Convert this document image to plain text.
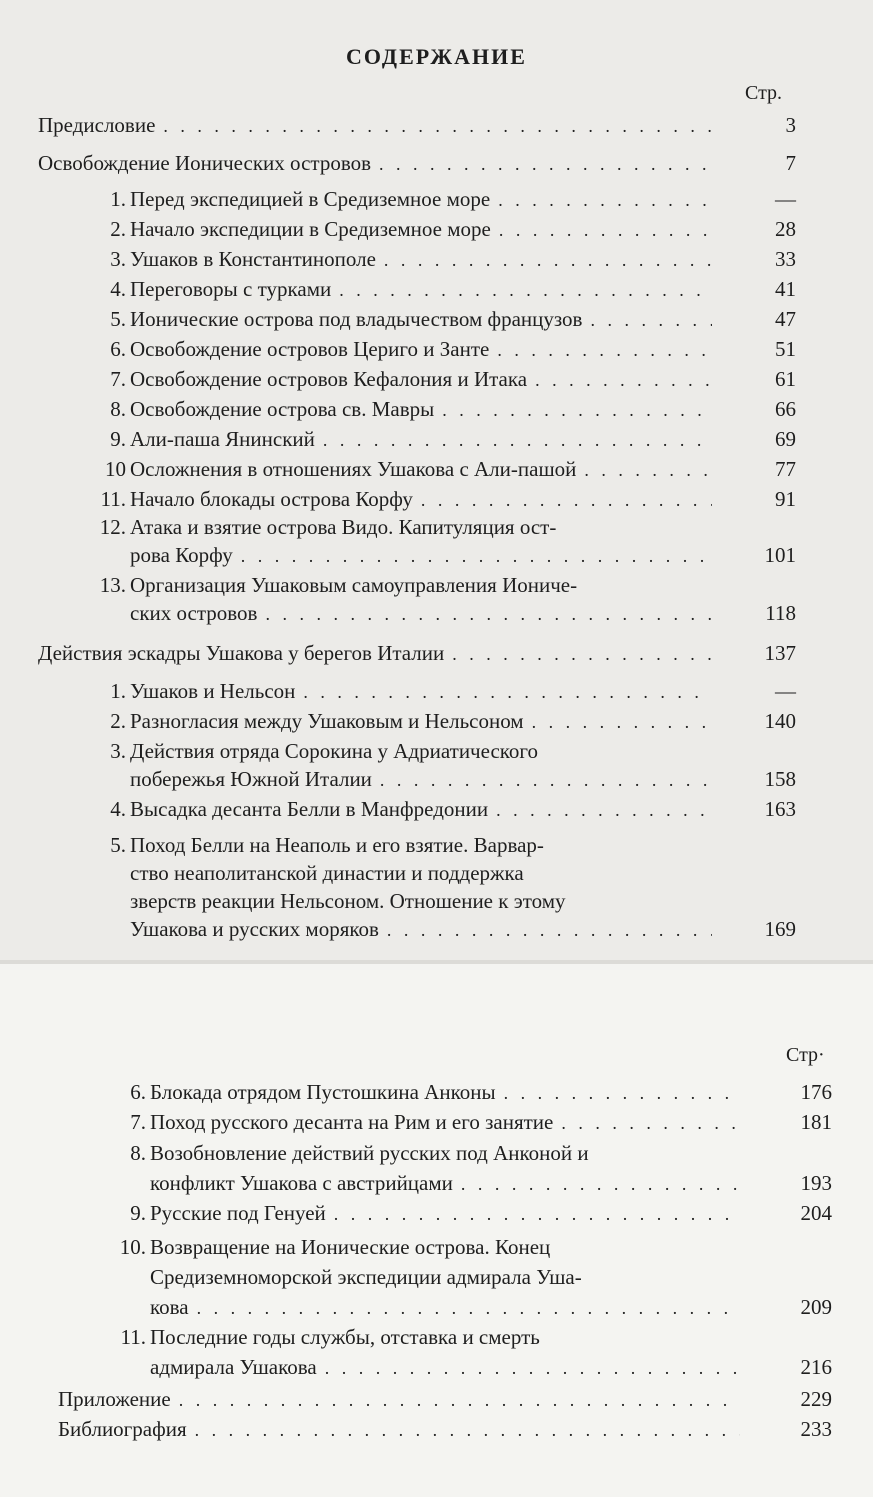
СОДЕРЖАНИЕ
Стр.
Стр·
Предисловие . . .	3
Освобождение Ионических островов . . .	7
1. Перед экспедицией в Средиземное море . . .	—
2. Начало экспедиции в Средиземное море . . .	28
3. Ушаков в Константинополе . . .	33
4. Переговоры с турками . . .	41
5. Ионические острова под владычеством французов . . .	47
6. Освобождение островов Цериго и Занте . . .	51
7. Освобождение островов Кефалония и Итака . . .	61
8. Освобождение острова св. Мавры . . .	66
9. Али-паша Янинский . . .	69
10 Осложнения в отношениях Ушакова с Али-пашой . . .	77
11. Начало блокады острова Корфу . . .	91
12. Атака и взятие острова Видо. Капитуляция ост-
рова Корфу . . .	101
13. Организация Ушаковым самоуправления Иониче-
ских островов . . .	118
Действия эскадры Ушакова у берегов Италии . . .	137
1. Ушаков и Нельсон . . .	—
2. Разногласия между Ушаковым и Нельсоном . . .	140
3. Действия отряда Сорокина у Адриатического
побережья Южной Италии . . .	158
4. Высадка десанта Белли в Манфредонии . . .	163
5. Поход Белли на Неаполь и его взятие. Варвар-
ство неаполитанской династии и поддержка
зверств реакции Нельсоном. Отношение к этому
Ушакова и русских моряков . . .	169
6. Блокада отрядом Пустошкина Анконы . . .	176
7. Поход русского десанта на Рим и его занятие . . .	181
8. Возобновление действий русских под Анконой и
конфликт Ушакова с австрийцами . . .	193
9. Русские под Генуей . . .	204
10. Возвращение на Ионические острова. Конец
Средиземноморской экспедиции адмирала Уша-
кова . . .	209
11. Последние годы службы, отставка и смерть
адмирала Ушакова . . .	216
Приложение . . .	229
Библиография . . .	233
